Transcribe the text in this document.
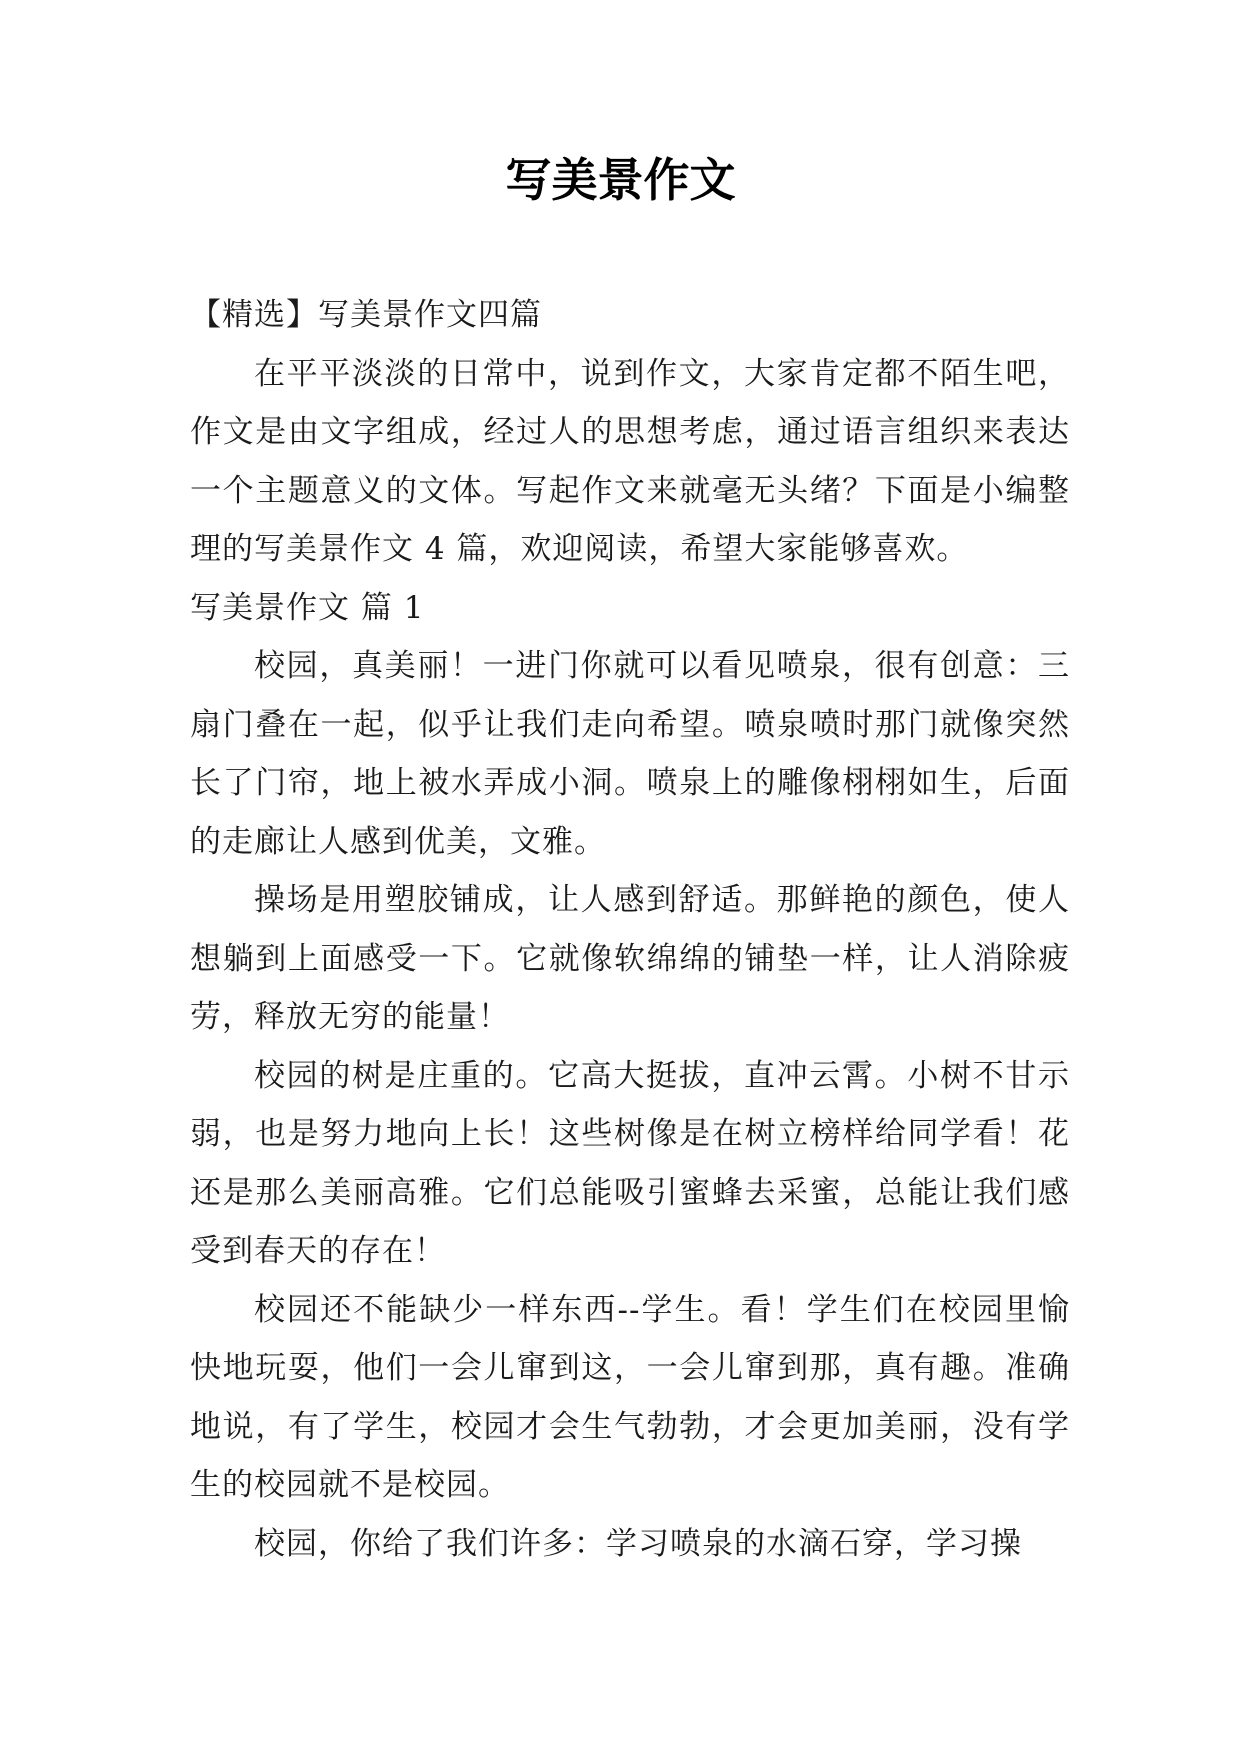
写美景作文

【精选】写美景作文四篇

在平平淡淡的日常中，说到作文，大家肯定都不陌生吧，作文是由文字组成，经过人的思想考虑，通过语言组织来表达一个主题意义的文体。写起作文来就毫无头绪？下面是小编整理的写美景作文 4 篇，欢迎阅读，希望大家能够喜欢。

写美景作文 篇 1

校园，真美丽！一进门你就可以看见喷泉，很有创意：三扇门叠在一起，似乎让我们走向希望。喷泉喷时那门就像突然长了门帘，地上被水弄成小洞。喷泉上的雕像栩栩如生，后面的走廊让人感到优美，文雅。

操场是用塑胶铺成，让人感到舒适。那鲜艳的颜色，使人想躺到上面感受一下。它就像软绵绵的铺垫一样，让人消除疲劳，释放无穷的能量！

校园的树是庄重的。它高大挺拔，直冲云霄。小树不甘示弱，也是努力地向上长！这些树像是在树立榜样给同学看！花还是那么美丽高雅。它们总能吸引蜜蜂去采蜜，总能让我们感受到春天的存在！

校园还不能缺少一样东西--学生。看！学生们在校园里愉快地玩耍，他们一会儿窜到这，一会儿窜到那，真有趣。准确地说，有了学生，校园才会生气勃勃，才会更加美丽，没有学生的校园就不是校园。

校园，你给了我们许多：学习喷泉的水滴石穿，学习操
